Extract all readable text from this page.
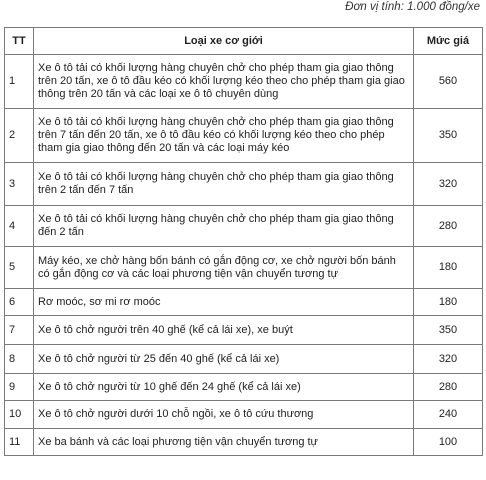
Đơn vị tính: 1.000 đồng/xe
TT	Loại xe cơ giới	Mức giá
1	Xe ô tô tải có khối lượng hàng chuyên chở cho phép tham gia giao thông trên 20 tấn, xe ô tô đầu kéo có khối lượng kéo theo cho phép tham gia giao thông trên 20 tấn và các loại xe ô tô chuyên dùng	560
2	Xe ô tô tải có khối lượng hàng chuyên chở cho phép tham gia giao thông trên 7 tấn đến 20 tấn, xe ô tô đầu kéo có khối lượng kéo theo cho phép tham gia giao thông đến 20 tấn và các loại máy kéo	350
3	Xe ô tô tải có khối lượng hàng chuyên chở cho phép tham gia giao thông trên 2 tấn đến 7 tấn	320
4	Xe ô tô tải có khối lượng hàng chuyên chở cho phép tham gia giao thông đến 2 tấn	280
5	Máy kéo, xe chở hàng bốn bánh có gắn động cơ, xe chở người bốn bánh có gắn động cơ và các loại phương tiện vận chuyển tương tự	180
6	Rơ moóc, sơ mi rơ moóc	180
7	Xe ô tô chở người trên 40 ghế (kể cả lái xe), xe buýt	350
8	Xe ô tô chở người từ 25 đến 40 ghế (kể cả lái xe)	320
9	Xe ô tô chở người từ 10 ghế đến 24 ghế (kể cả lái xe)	280
10	Xe ô tô chở người dưới 10 chỗ ngồi, xe ô tô cứu thương	240
11	Xe ba bánh và các loại phương tiện vận chuyển tương tự	100
